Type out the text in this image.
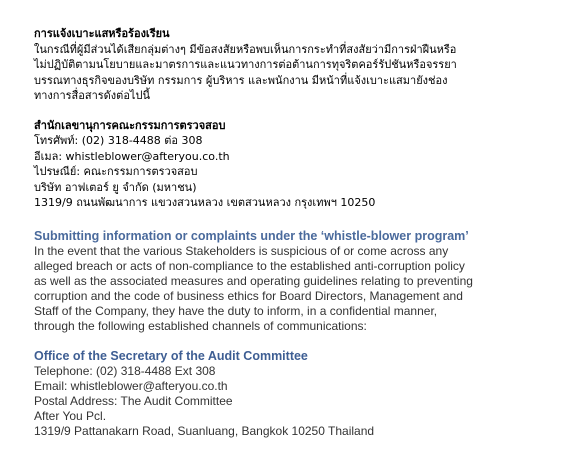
การแจ้งเบาะแสหรือร้องเรียน
ในกรณีที่ผู้มีส่วนได้เสียกลุ่มต่างๆ มีข้อสงสัยหรือพบเห็นการกระทำที่สงสัยว่ามีการฝ่าฝืนหรือ
ไม่ปฏิบัติตามนโยบายและมาตรการและแนวทางการต่อต้านการทุจริตคอร์รัปชันหรือจรรยา
บรรณทางธุรกิจของบริษัท กรรมการ ผู้บริหาร และพนักงาน มีหน้าที่แจ้งเบาะแสมายังช่อง
ทางการสื่อสารดังต่อไปนี้
สำนักเลขานุการคณะกรรมการตรวจสอบ
โทรศัพท์: (02) 318-4488 ต่อ 308
อีเมล: whistleblower@afteryou.co.th
ไปรษณีย์: คณะกรรมการตรวจสอบ
บริษัท อาฟเตอร์ ยู จำกัด (มหาชน)
1319/9 ถนนพัฒนาการ แขวงสวนหลวง เขตสวนหลวง กรุงเทพฯ 10250
Submitting information or complaints under the ‘whistle-blower program’
In the event that the various Stakeholders is suspicious of or come across any
alleged breach or acts of non-compliance to the established anti-corruption policy
as well as the associated measures and operating guidelines relating to preventing
corruption and the code of business ethics for Board Directors, Management and
Staff of the Company, they have the duty to inform, in a confidential manner,
through the following established channels of communications:
Office of the Secretary of the Audit Committee
Telephone: (02) 318-4488 Ext 308
Email: whistleblower@afteryou.co.th
Postal Address: The Audit Committee
After You Pcl.
1319/9 Pattanakarn Road, Suanluang, Bangkok 10250 Thailand
